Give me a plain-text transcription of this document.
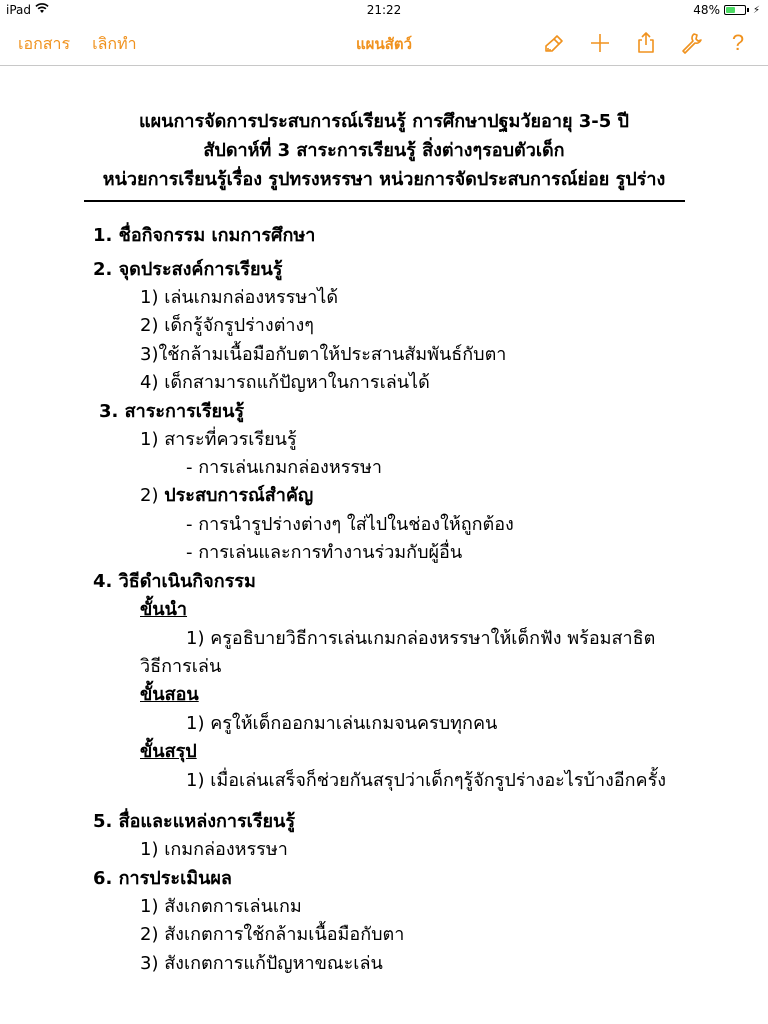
iPad	21:22	48%	⚡
เอกสาร เลิกทำ	แผนสัตว์	?
แผนการจัดการประสบการณ์เรียนรู้ การศึกษาปฐมวัยอายุ 3-5 ปี
สัปดาห์ที่ 3 สาระการเรียนรู้ สิ่งต่างๆรอบตัวเด็ก
หน่วยการเรียนรู้เรื่อง รูปทรงหรรษา หน่วยการจัดประสบการณ์ย่อย รูปร่าง
1. ชื่อกิจกรรม เกมการศึกษา
2. จุดประสงค์การเรียนรู้
1) เล่นเกมกล่องหรรษาได้
2) เด็กรู้จักรูปร่างต่างๆ
3)ใช้กล้ามเนื้อมือกับตาให้ประสานสัมพันธ์กับตา
4) เด็กสามารถแก้ปัญหาในการเล่นได้
3. สาระการเรียนรู้
1) สาระที่ควรเรียนรู้
- การเล่นเกมกล่องหรรษา
2) ประสบการณ์สำคัญ
- การนำรูปร่างต่างๆ ใส่ไปในช่องให้ถูกต้อง
- การเล่นและการทำงานร่วมกับผู้อื่น
4. วิธีดำเนินกิจกรรม
ขั้นนำ
1) ครูอธิบายวิธีการเล่นเกมกล่องหรรษาให้เด็กฟัง พร้อมสาธิต
วิธีการเล่น
ขั้นสอน
1) ครูให้เด็กออกมาเล่นเกมจนครบทุกคน
ขั้นสรุป
1) เมื่อเล่นเสร็จก็ช่วยกันสรุปว่าเด็กๆรู้จักรูปร่างอะไรบ้างอีกครั้ง
5. สื่อและแหล่งการเรียนรู้
1) เกมกล่องหรรษา
6. การประเมินผล
1) สังเกตการเล่นเกม
2) สังเกตการใช้กล้ามเนื้อมือกับตา
3) สังเกตการแก้ปัญหาขณะเล่น
